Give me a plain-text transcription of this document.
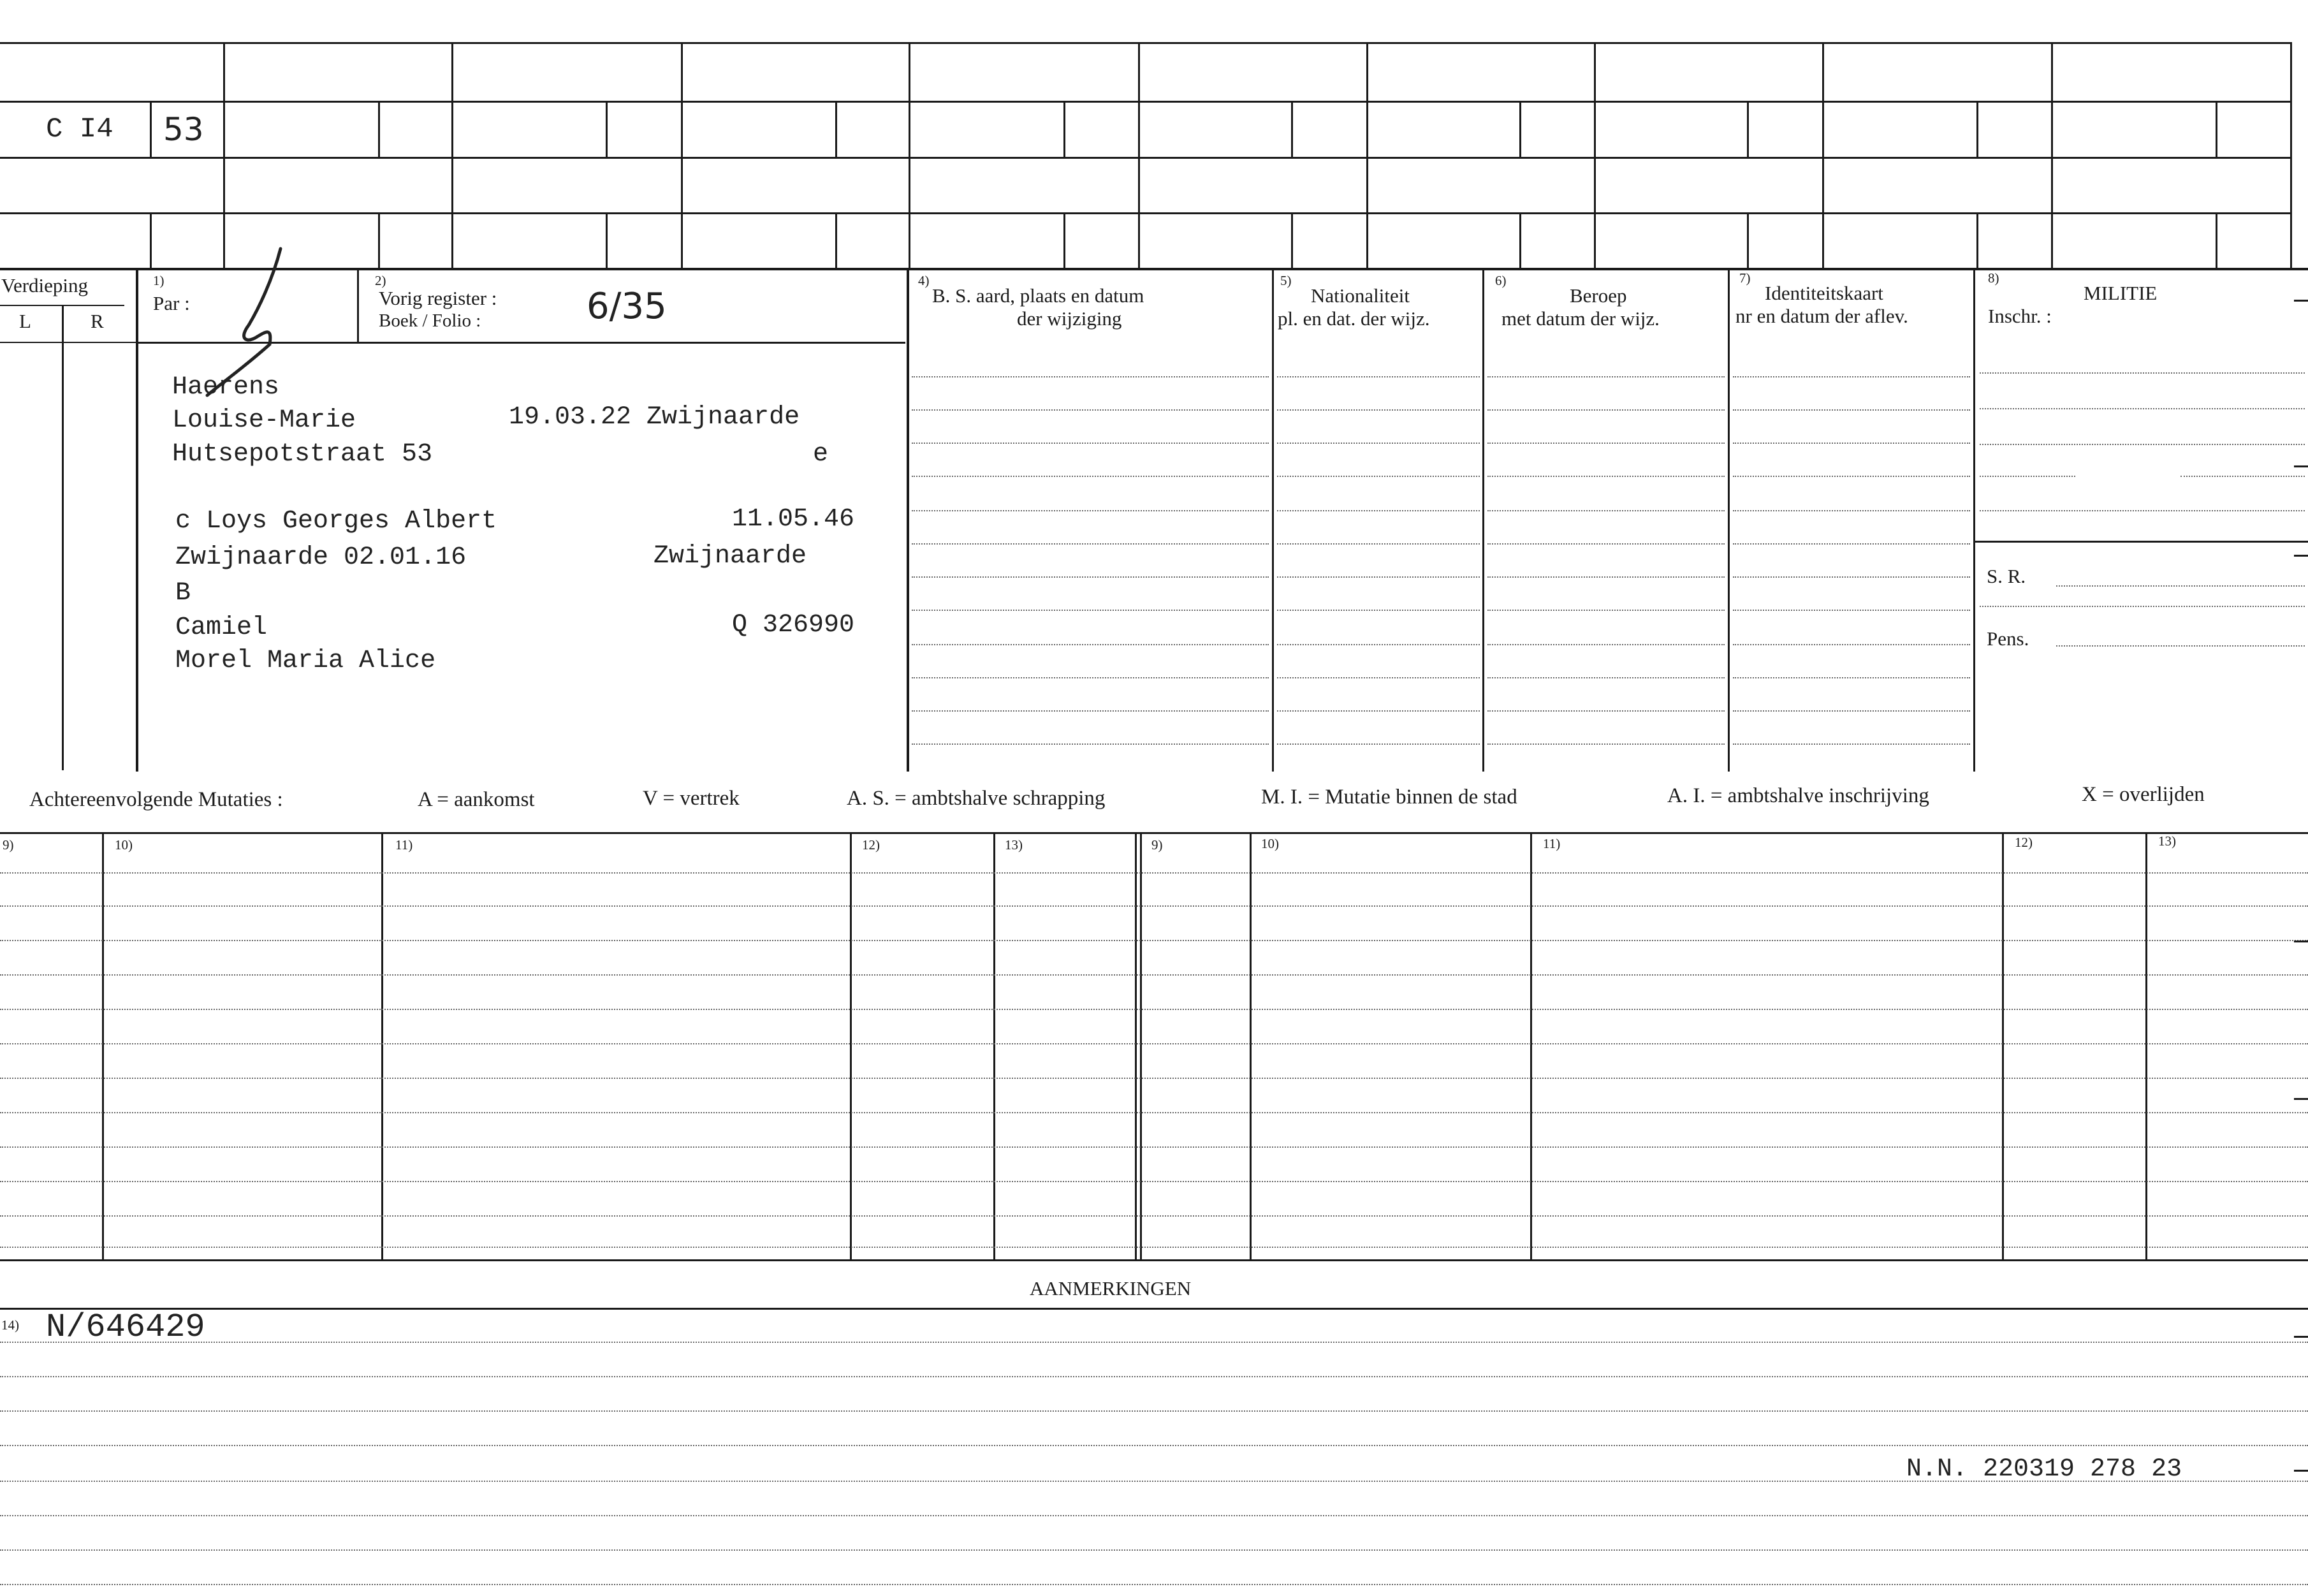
C I4 53
Verdieping
L	R
1)
Par :
2)
Vorig register :
Boek / Folio :	6/35
4)
B. S. aard, plaats en datum
der wijziging
5)
Nationaliteit
pl. en dat. der wijz.
6)
Beroep
met datum der wijz.
7)
Identiteitskaart
nr en datum der aflev.
8)
MILITIE
Inschr. :
S. R.
Pens.
Haerens
Louise-Marie	19.03.22 Zwijnaarde
Hutsepotstraat 53	e
c Loys Georges Albert	11.05.46
Zwijnaarde 02.01.16	Zwijnaarde
B
Camiel	Q 326990
Morel Maria Alice
Achtereenvolgende Mutaties :	A = aankomst	V = vertrek	A. S. = ambtshalve schrapping	M. I. = Mutatie binnen de stad	A. I. = ambtshalve inschrijving	X = overlijden
9)	10)	11)	12)	13)	9)	10)	11)	12)	13)
AANMERKINGEN
14) N/646429
N.N. 220319 278 23
